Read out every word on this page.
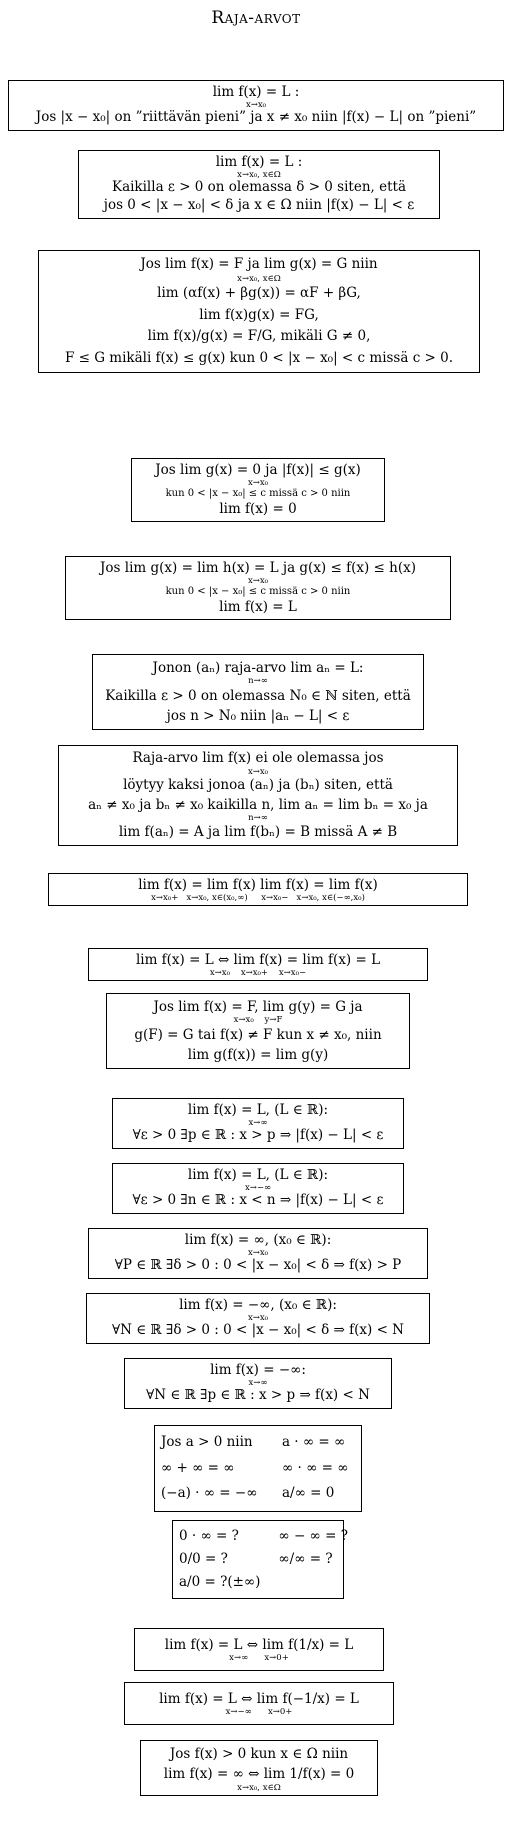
Raja-arvot
lim f(x) = L :
x→x₀
Jos |x − x₀| on ”riittävän pieni” ja x ≠ x₀ niin |f(x) − L| on ”pieni”
lim f(x) = L :
x→x₀, x∈Ω
Kaikilla ε > 0 on olemassa δ > 0 siten, että
jos 0 < |x − x₀| < δ ja x ∈ Ω niin |f(x) − L| < ε
Jos lim f(x) = F ja lim g(x) = G niin
x→x₀, x∈Ω
lim (αf(x) + βg(x)) = αF + βG,
lim f(x)g(x) = FG,
lim f(x)/g(x) = F/G, mikäli G ≠ 0,
F ≤ G mikäli f(x) ≤ g(x) kun 0 < |x − x₀| < c missä c > 0.
Jos lim g(x) = 0 ja |f(x)| ≤ g(x)
x→x₀
kun 0 < |x − x₀| ≤ c missä c > 0 niin
lim f(x) = 0
Jos lim g(x) = lim h(x) = L ja g(x) ≤ f(x) ≤ h(x)
x→x₀
kun 0 < |x − x₀| ≤ c missä c > 0 niin
lim f(x) = L
Jonon (aₙ) raja-arvo lim aₙ = L:
n→∞
Kaikilla ε > 0 on olemassa N₀ ∈ ℕ siten, että
jos n > N₀ niin |aₙ − L| < ε
Raja-arvo lim f(x) ei ole olemassa jos
x→x₀
löytyy kaksi jonoa (aₙ) ja (bₙ) siten, että
aₙ ≠ x₀ ja bₙ ≠ x₀ kaikilla n, lim aₙ = lim bₙ = x₀ ja
n→∞
lim f(aₙ) = A ja lim f(bₙ) = B missä A ≠ B
lim f(x) = lim f(x) lim f(x) = lim f(x)
x→x₀+ x→x₀, x∈(x₀,∞) x→x₀− x→x₀, x∈(−∞,x₀)
lim f(x) = L ⇔ lim f(x) = lim f(x) = L
x→x₀ x→x₀+ x→x₀−
Jos lim f(x) = F, lim g(y) = G ja
x→x₀ y→F
g(F) = G tai f(x) ≠ F kun x ≠ x₀, niin
lim g(f(x)) = lim g(y)
lim f(x) = L, (L ∈ ℝ):
x→∞
∀ε > 0 ∃p ∈ ℝ : x > p ⇒ |f(x) − L| < ε
lim f(x) = L, (L ∈ ℝ):
x→−∞
∀ε > 0 ∃n ∈ ℝ : x < n ⇒ |f(x) − L| < ε
lim f(x) = ∞, (x₀ ∈ ℝ):
x→x₀
∀P ∈ ℝ ∃δ > 0 : 0 < |x − x₀| < δ ⇒ f(x) > P
lim f(x) = −∞, (x₀ ∈ ℝ):
x→x₀
∀N ∈ ℝ ∃δ > 0 : 0 < |x − x₀| < δ ⇒ f(x) < N
lim f(x) = −∞:
x→∞
∀N ∈ ℝ ∃p ∈ ℝ : x > p ⇒ f(x) < N
Jos a > 0 niin	a · ∞ = ∞
∞ + ∞ = ∞	∞ · ∞ = ∞
(−a) · ∞ = −∞	a/∞ = 0
0 · ∞ = ?	∞ − ∞ = ?
0/0 = ?	∞/∞ = ?
a/0 = ?(±∞)
lim f(x) = L ⇔ lim f(1/x) = L
x→∞ x→0+
lim f(x) = L ⇔ lim f(−1/x) = L
x→−∞ x→0+
Jos f(x) > 0 kun x ∈ Ω niin
lim f(x) = ∞ ⇔ lim 1/f(x) = 0
x→x₀, x∈Ω
